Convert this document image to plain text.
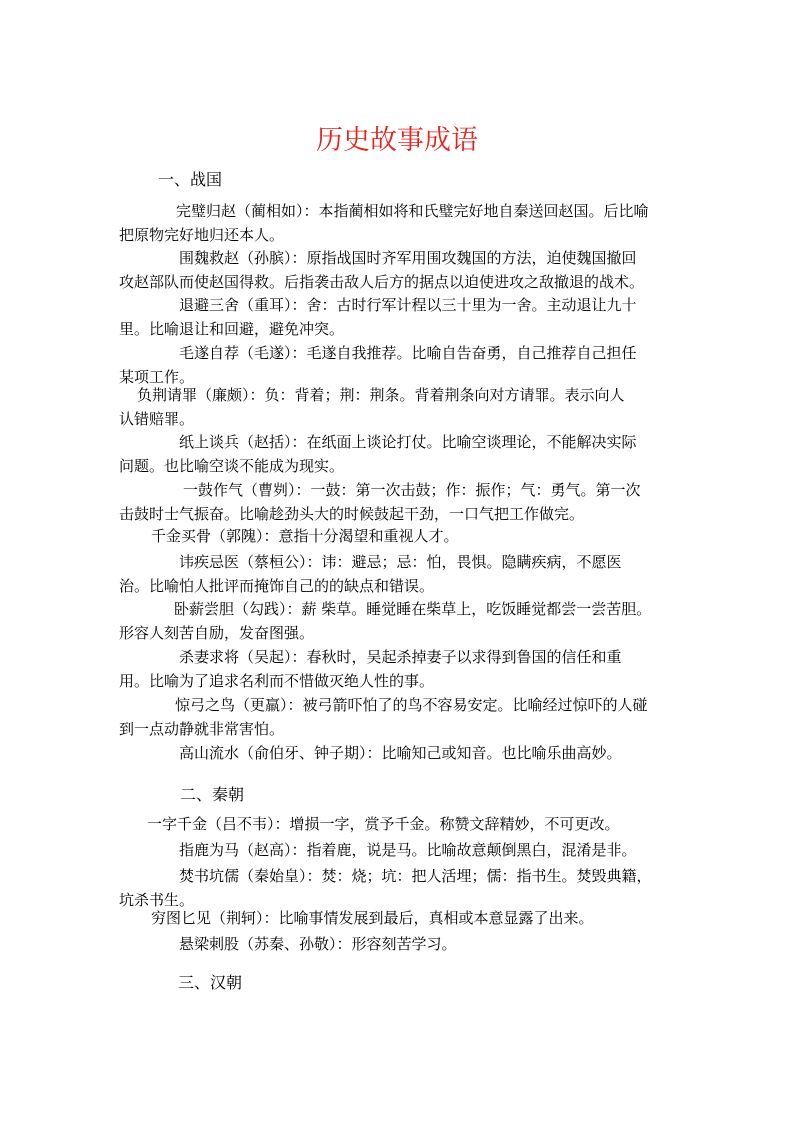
历史故事成语
一、战国
完璧归赵（蔺相如）：本指蔺相如将和氏璧完好地自秦送回赵国。后比喻
把原物完好地归还本人。
围魏救赵（孙膑）：原指战国时齐军用围攻魏国的方法，迫使魏国撤回
攻赵部队而使赵国得救。后指袭击敌人后方的据点以迫使进攻之敌撤退的战术。
退避三舍（重耳）：舍：古时行军计程以三十里为一舍。主动退让九十
里。比喻退让和回避，避免冲突。
毛遂自荐（毛遂）：毛遂自我推荐。比喻自告奋勇，自己推荐自己担任
某项工作。
负荆请罪（廉颇）：负：背着；荆：荆条。背着荆条向对方请罪。表示向人
认错赔罪。
纸上谈兵（赵括）：在纸面上谈论打仗。比喻空谈理论，不能解决实际
问题。也比喻空谈不能成为现实。
一鼓作气（曹刿）：一鼓：第一次击鼓；作：振作；气：勇气。第一次
击鼓时士气振奋。比喻趁劲头大的时候鼓起干劲，一口气把工作做完。
千金买骨（郭隗）：意指十分渴望和重视人才。
讳疾忌医（蔡桓公）：讳：避忌；忌：怕，畏惧。隐瞒疾病，不愿医
治。比喻怕人批评而掩饰自己的的缺点和错误。
卧薪尝胆（勾践）：薪 柴草。睡觉睡在柴草上，吃饭睡觉都尝一尝苦胆。
形容人刻苦自励，发奋图强。
杀妻求将（吴起）：春秋时，吴起杀掉妻子以求得到鲁国的信任和重
用。比喻为了追求名利而不惜做灭绝人性的事。
惊弓之鸟（更羸）：被弓箭吓怕了的鸟不容易安定。比喻经过惊吓的人碰
到一点动静就非常害怕。
高山流水（俞伯牙、钟子期）：比喻知己或知音。也比喻乐曲高妙。
二、秦朝
一字千金（吕不韦）：增损一字，赏予千金。称赞文辞精妙，不可更改。
指鹿为马（赵高）：指着鹿，说是马。比喻故意颠倒黑白，混淆是非。
焚书坑儒（秦始皇）：焚：烧；坑：把人活埋；儒：指书生。焚毁典籍，
坑杀书生。
穷图匕见（荆轲）：比喻事情发展到最后，真相或本意显露了出来。
悬梁刺股（苏秦、孙敬）：形容刻苦学习。
三、汉朝
